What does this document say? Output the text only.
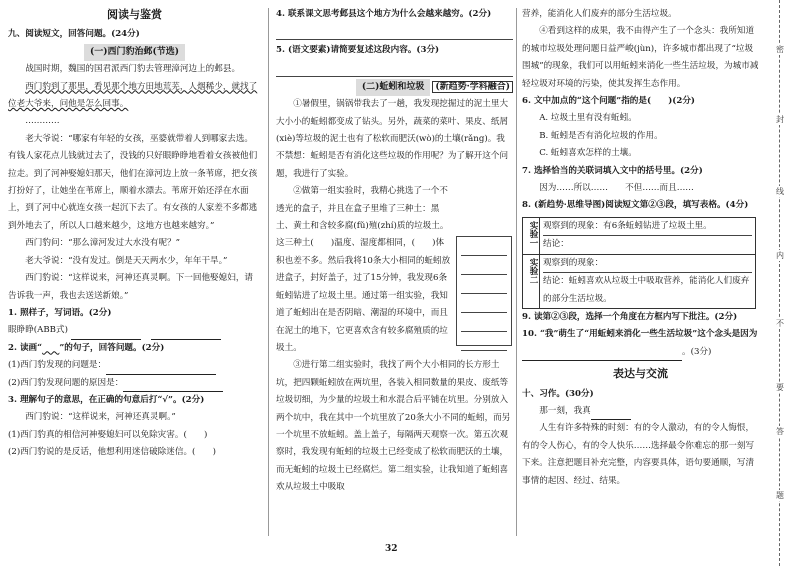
阅读与鉴赏

九、阅读短文，回答问题。(24分)

(一)西门豹治邺(节选)

战国时期，魏国的国君派西门豹去管理漳河边上的邺县。

西门豹到了那里，看见那个地方田地荒芜，人烟稀少，就找了位老大爷来，问他是怎么回事。

…………

老大爷说：“哪家有年轻的女孩，巫婆就带着人到哪家去选。有钱人家花点儿钱就过去了，没钱的只好眼睁睁地看着女孩被他们拉走。到了河神娶媳妇那天，他们在漳河边上放一条苇席，把女孩打扮好了，让她坐在苇席上，顺着水漂去。苇席开始还浮在水面上，到了河中心就连女孩一起沉下去了。有女孩的人家差不多都逃到外地去了，所以人口越来越少，这地方也越来越穷。”

西门豹问：“那么漳河发过大水没有呢？”

老大爷说：“没有发过。倒是天天两水少，年年干旱。”

西门豹说：“这样说来，河神还真灵啊。下一回他娶媳妇，请告诉我一声，我也去送送新娘。”

1. 照样子，写词语。(2分)

眼睁睁(ABB式)

2. 读画“　　 ”的句子，回答问题。(2分)

(1)西门豹发现的问题是：

(2)西门豹发现问题的原因是：

3. 理解句子的意思，在正确的句意后打“√”。(2分)

西门豹说：“这样说来，河神还真灵啊。”

(1)西门豹真的相信河神娶媳妇可以免除灾害。(　　)

(2)西门豹说的是反话，他想利用迷信破除迷信。(　　)

4. 联系课文思考邺县这个地方为什么会越来越穷。(2分)

5. (语文要素)请简要复述这段内容。(3分)

(二)蚯蚓和垃圾 (新趋势·学科融合)

①暑假里，锅锅带我去了一趟，我发现挖掘过的泥土里大大小小的蚯蚓都变成了钻头。另外，蔬菜的菜叶、果皮、纸屑(xiè)等垃圾的泥土也有了松软而肥沃(wò)的土壤(rǎng)。我不禁想：蚯蚓是否有消化这些垃圾的作用呢？为了解开这个问题，我进行了实验。

②做第一组实验时，我精心挑选了一个不透光的盒子，并且在盒子里堆了三种土：黑土、黄土和含较多腐(fǔ)殖(zhí)质的垃圾土。这三种土(　　)温度、湿度都相同，(　　)体积也差不多。然后我将10条大小相同的蚯蚓放进盒子，封好盖子，过了15分钟，我发现6条蚯蚓钻进了垃圾土里。通过第一组实验，我知道了蚯蚓出在是否阴暗、潮湿的环境中，而且在泥土的地下，它更喜欢含有较多腐殖质的垃圾土。

③进行第二组实验时，我找了两个大小相同的长方形土坑，把四颗蚯蚓放在两坑里，各装入相同数量的果皮、废纸等垃圾切细，为少量的垃圾土和水混合后平铺在坑里。分别放入两个坑中，我在其中一个坑里放了20条大小不同的蚯蚓，而另一个坑里不放蚯蚓。盖上盖子，每隔两天观察一次。第五次观察时，我发现有蚯蚓的垃圾土已经变成了松软而肥沃的土壤，而无蚯蚓的垃圾土已经腐烂。第二组实验，让我知道了蚯蚓喜欢从垃圾土中吸取

营养，能消化人们废弃的部分生活垃圾。

④看到这样的成果，我不由得产生了一个念头：我所知道的城市垃圾处理问题日益严峻(jùn)，许多城市都出现了“垃圾围城”的现象，我们可以用蚯蚓来消化一些生活垃圾，为城市减轻垃圾对环境的污染，使其发挥生态作用。

6. 文中加点的“这个问题”指的是(　　)(2分)

A. 垃圾土里有没有蚯蚓。

B. 蚯蚓是否有消化垃圾的作用。

C. 蚯蚓喜欢怎样的土壤。

7. 选择恰当的关联词填入文中的括号里。(2分)

因为……所以……　　不但……而且……

8. (新趋势·思维导图)阅读短文第②③段，填写表格。(4分)

实验一 观察到的现象：有6条蚯蚓钻进了垃圾土里。

结论：

实验二 观察到的现象：

结论：蚯蚓喜欢从垃圾土中吸取营养，能消化人们废弃的部分生活垃圾。

9. 读第②③段，选择一个角度在方框内写下批注。(2分)

10. “我”萌生了“用蚯蚓来消化一些生活垃圾”这个念头是因为

。(3分)

表达与交流

十、习作。(30分)

那一刻，我真

人生有许多特殊的时刻：有的令人激动，有的令人悔恨，有的令人伤心，有的令人快乐……选择最令你难忘的那一刻写下来。注意把题目补充完整，内容要具体，语句要通顺，写清事情的起因、经过、结果。

密
封
线
内
不
要
答
题
32
